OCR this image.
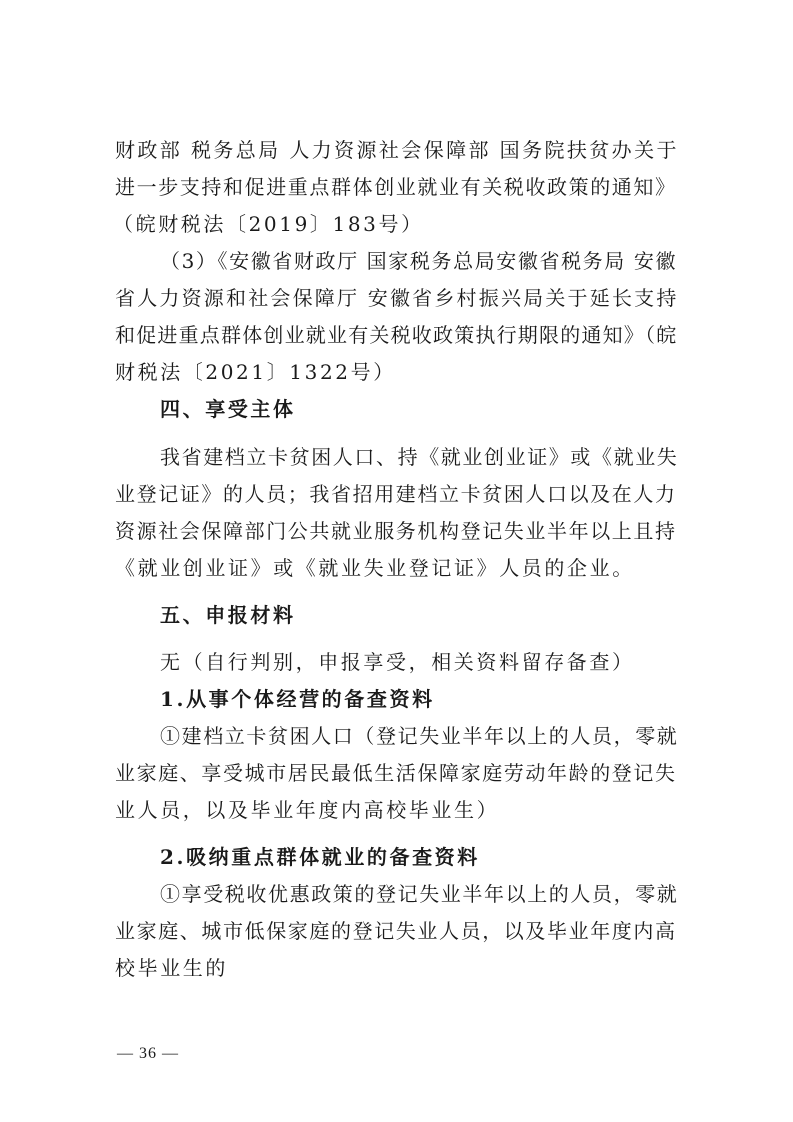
财政部 税务总局 人力资源社会保障部 国务院扶贫办关于
进一步支持和促进重点群体创业就业有关税收政策的通知》
（皖财税法〔2019〕183号）
（3）《安徽省财政厅 国家税务总局安徽省税务局 安徽
省人力资源和社会保障厅 安徽省乡村振兴局关于延长支持
和促进重点群体创业就业有关税收政策执行期限的通知》（皖
财税法〔2021〕1322号）
四、享受主体
我省建档立卡贫困人口、持《就业创业证》或《就业失
业登记证》的人员；我省招用建档立卡贫困人口以及在人力
资源社会保障部门公共就业服务机构登记失业半年以上且持
《就业创业证》或《就业失业登记证》人员的企业。
五、申报材料
无（自行判别，申报享受，相关资料留存备查）
1.从事个体经营的备查资料
①建档立卡贫困人口（登记失业半年以上的人员，零就
业家庭、享受城市居民最低生活保障家庭劳动年龄的登记失
业人员，以及毕业年度内高校毕业生）
2.吸纳重点群体就业的备查资料
①享受税收优惠政策的登记失业半年以上的人员，零就
业家庭、城市低保家庭的登记失业人员，以及毕业年度内高
校毕业生的
— 36 —
